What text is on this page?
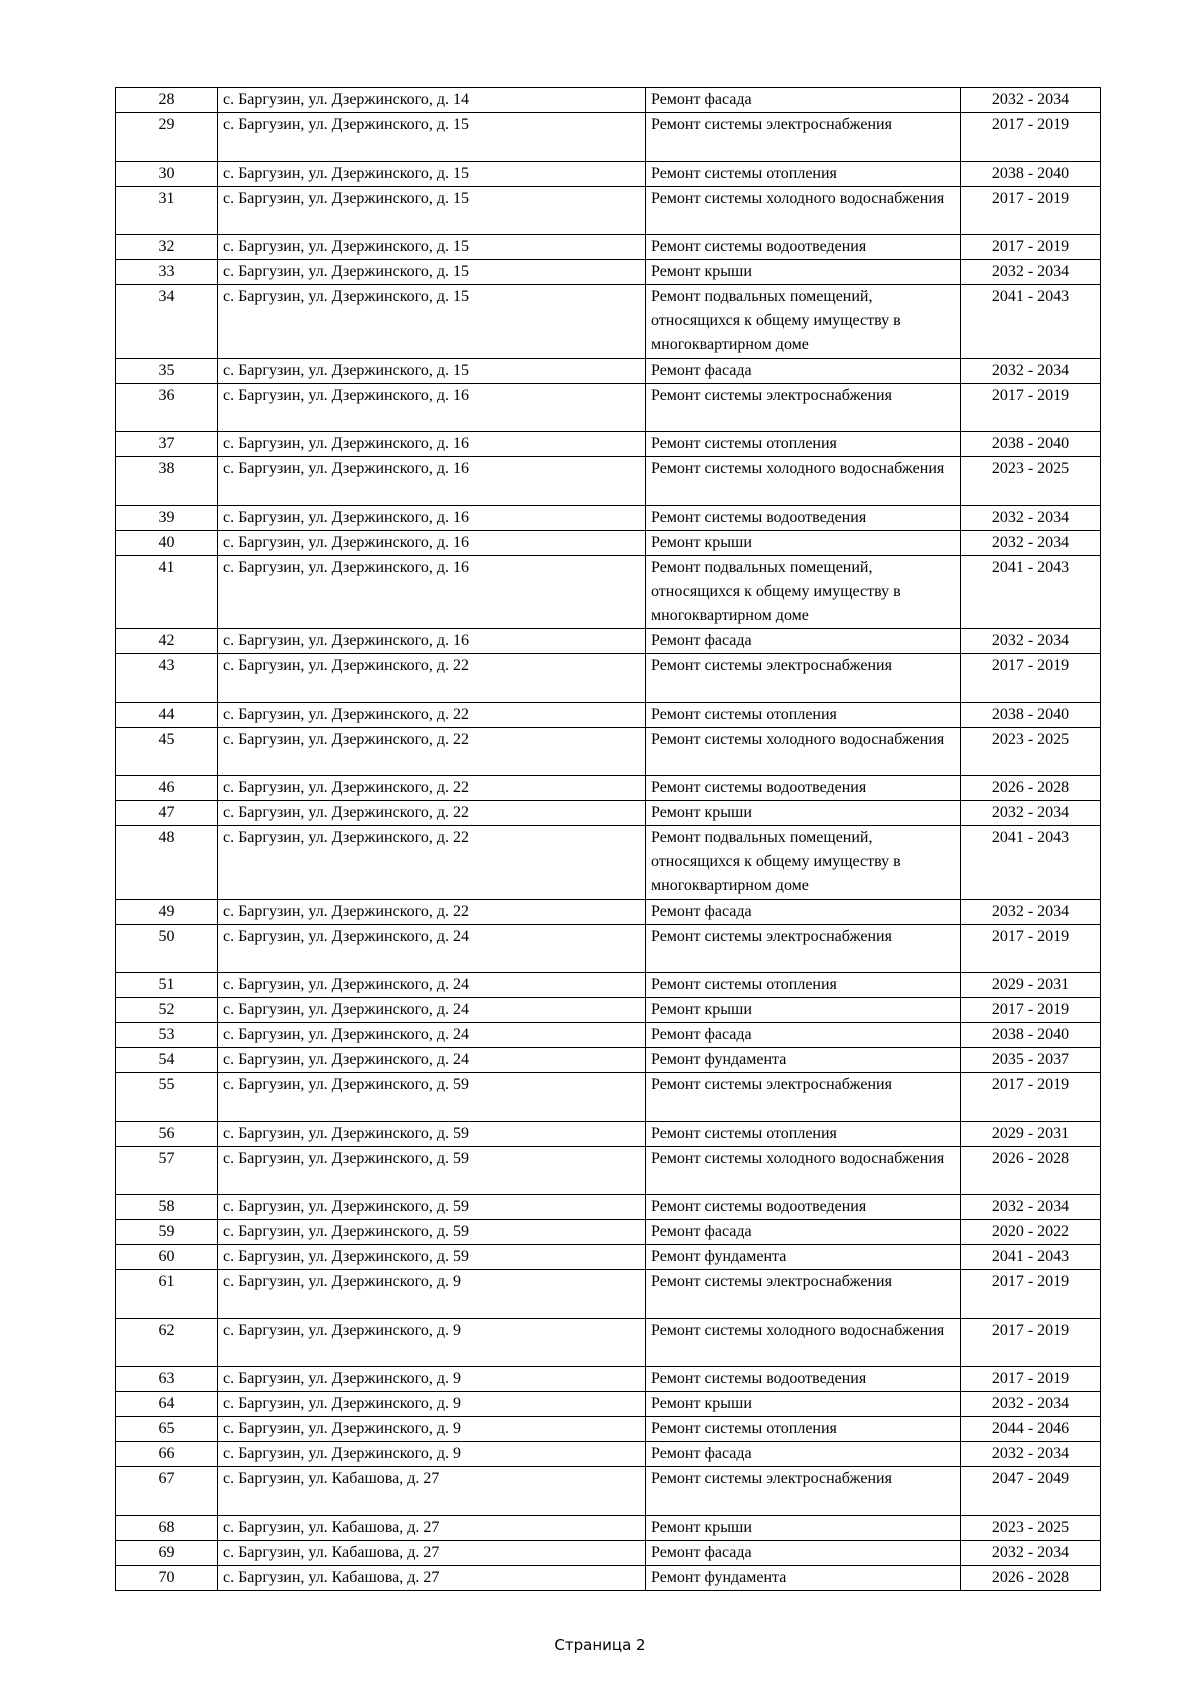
28	с. Баргузин, ул. Дзержинского, д. 14	Ремонт фасада	2032 - 2034
29	с. Баргузин, ул. Дзержинского, д. 15	Ремонт системы электроснабжения	2017 - 2019
30	с. Баргузин, ул. Дзержинского, д. 15	Ремонт системы отопления	2038 - 2040
31	с. Баргузин, ул. Дзержинского, д. 15	Ремонт системы холодного водоснабжения	2017 - 2019
32	с. Баргузин, ул. Дзержинского, д. 15	Ремонт системы водоотведения	2017 - 2019
33	с. Баргузин, ул. Дзержинского, д. 15	Ремонт крыши	2032 - 2034
34	с. Баргузин, ул. Дзержинского, д. 15	Ремонт подвальных помещений, относящихся к общему имуществу в многоквартирном доме	2041 - 2043
35	с. Баргузин, ул. Дзержинского, д. 15	Ремонт фасада	2032 - 2034
36	с. Баргузин, ул. Дзержинского, д. 16	Ремонт системы электроснабжения	2017 - 2019
37	с. Баргузин, ул. Дзержинского, д. 16	Ремонт системы отопления	2038 - 2040
38	с. Баргузин, ул. Дзержинского, д. 16	Ремонт системы холодного водоснабжения	2023 - 2025
39	с. Баргузин, ул. Дзержинского, д. 16	Ремонт системы водоотведения	2032 - 2034
40	с. Баргузин, ул. Дзержинского, д. 16	Ремонт крыши	2032 - 2034
41	с. Баргузин, ул. Дзержинского, д. 16	Ремонт подвальных помещений, относящихся к общему имуществу в многоквартирном доме	2041 - 2043
42	с. Баргузин, ул. Дзержинского, д. 16	Ремонт фасада	2032 - 2034
43	с. Баргузин, ул. Дзержинского, д. 22	Ремонт системы электроснабжения	2017 - 2019
44	с. Баргузин, ул. Дзержинского, д. 22	Ремонт системы отопления	2038 - 2040
45	с. Баргузин, ул. Дзержинского, д. 22	Ремонт системы холодного водоснабжения	2023 - 2025
46	с. Баргузин, ул. Дзержинского, д. 22	Ремонт системы водоотведения	2026 - 2028
47	с. Баргузин, ул. Дзержинского, д. 22	Ремонт крыши	2032 - 2034
48	с. Баргузин, ул. Дзержинского, д. 22	Ремонт подвальных помещений, относящихся к общему имуществу в многоквартирном доме	2041 - 2043
49	с. Баргузин, ул. Дзержинского, д. 22	Ремонт фасада	2032 - 2034
50	с. Баргузин, ул. Дзержинского, д. 24	Ремонт системы электроснабжения	2017 - 2019
51	с. Баргузин, ул. Дзержинского, д. 24	Ремонт системы отопления	2029 - 2031
52	с. Баргузин, ул. Дзержинского, д. 24	Ремонт крыши	2017 - 2019
53	с. Баргузин, ул. Дзержинского, д. 24	Ремонт фасада	2038 - 2040
54	с. Баргузин, ул. Дзержинского, д. 24	Ремонт фундамента	2035 - 2037
55	с. Баргузин, ул. Дзержинского, д. 59	Ремонт системы электроснабжения	2017 - 2019
56	с. Баргузин, ул. Дзержинского, д. 59	Ремонт системы отопления	2029 - 2031
57	с. Баргузин, ул. Дзержинского, д. 59	Ремонт системы холодного водоснабжения	2026 - 2028
58	с. Баргузин, ул. Дзержинского, д. 59	Ремонт системы водоотведения	2032 - 2034
59	с. Баргузин, ул. Дзержинского, д. 59	Ремонт фасада	2020 - 2022
60	с. Баргузин, ул. Дзержинского, д. 59	Ремонт фундамента	2041 - 2043
61	с. Баргузин, ул. Дзержинского, д. 9	Ремонт системы электроснабжения	2017 - 2019
62	с. Баргузин, ул. Дзержинского, д. 9	Ремонт системы холодного водоснабжения	2017 - 2019
63	с. Баргузин, ул. Дзержинского, д. 9	Ремонт системы водоотведения	2017 - 2019
64	с. Баргузин, ул. Дзержинского, д. 9	Ремонт крыши	2032 - 2034
65	с. Баргузин, ул. Дзержинского, д. 9	Ремонт системы отопления	2044 - 2046
66	с. Баргузин, ул. Дзержинского, д. 9	Ремонт фасада	2032 - 2034
67	с. Баргузин, ул. Кабашова, д. 27	Ремонт системы электроснабжения	2047 - 2049
68	с. Баргузин, ул. Кабашова, д. 27	Ремонт крыши	2023 - 2025
69	с. Баргузин, ул. Кабашова, д. 27	Ремонт фасада	2032 - 2034
70	с. Баргузин, ул. Кабашова, д. 27	Ремонт фундамента	2026 - 2028
Страница 2
